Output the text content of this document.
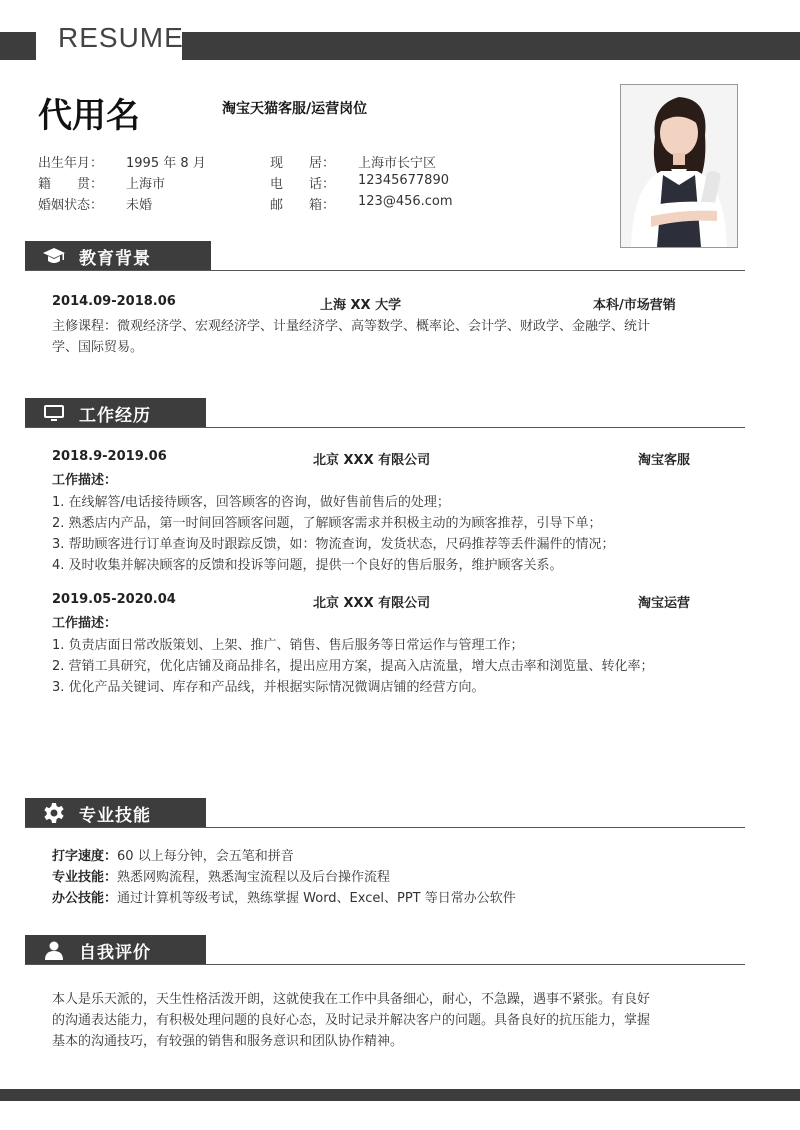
RESUME
代用名	淘宝天猫客服/运营岗位
出生年月：	1995 年 8 月
籍　　贯：	上海市
婚姻状态：	未婚
现　　居：	上海市长宁区
电　　话：	12345677890
邮　　箱：	123@456.com
教育背景
2014.09-2018.06	上海 XX 大学	本科/市场营销
主修课程：微观经济学、宏观经济学、计量经济学、高等数学、概率论、会计学、财政学、金融学、统计
学、国际贸易。
工作经历
2018.9-2019.06	北京 XXX 有限公司	淘宝客服
工作描述：
1. 在线解答/电话接待顾客，回答顾客的咨询，做好售前售后的处理；
2. 熟悉店内产品，第一时间回答顾客问题，了解顾客需求并积极主动的为顾客推荐，引导下单；
3. 帮助顾客进行订单查询及时跟踪反馈，如：物流查询，发货状态，尺码推荐等丢件漏件的情况；
4. 及时收集并解决顾客的反馈和投诉等问题，提供一个良好的售后服务，维护顾客关系。
2019.05-2020.04	北京 XXX 有限公司	淘宝运营
工作描述：
1. 负责店面日常改版策划、上架、推广、销售、售后服务等日常运作与管理工作；
2. 营销工具研究，优化店铺及商品排名，提出应用方案，提高入店流量，增大点击率和浏览量、转化率；
3. 优化产品关键词、库存和产品线，并根据实际情况微调店铺的经营方向。
专业技能
打字速度：60 以上每分钟，会五笔和拼音
专业技能：熟悉网购流程，熟悉淘宝流程以及后台操作流程
办公技能：通过计算机等级考试，熟练掌握 Word、Excel、PPT 等日常办公软件
自我评价
本人是乐天派的，天生性格活泼开朗，这就使我在工作中具备细心，耐心，不急躁，遇事不紧张。有良好
的沟通表达能力，有积极处理问题的良好心态，及时记录并解决客户的问题。具备良好的抗压能力，掌握
基本的沟通技巧，有较强的销售和服务意识和团队协作精神。
